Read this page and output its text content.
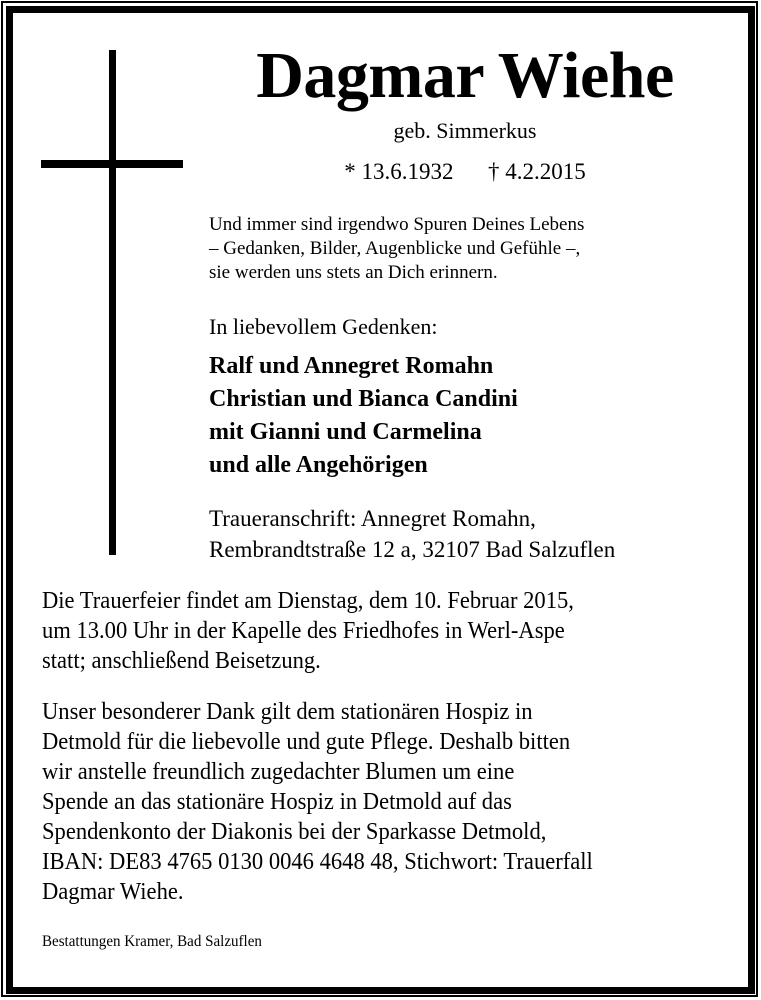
Dagmar Wiehe
geb. Simmerkus
* 13.6.1932 † 4.2.2015
Und immer sind irgendwo Spuren Deines Lebens
– Gedanken, Bilder, Augenblicke und Gefühle –,
sie werden uns stets an Dich erinnern.
In liebevollem Gedenken:
Ralf und Annegret Romahn
Christian und Bianca Candini
mit Gianni und Carmelina
und alle Angehörigen
Traueranschrift: Annegret Romahn,
Rembrandtstraße 12 a, 32107 Bad Salzuflen
Die Trauerfeier findet am Dienstag, dem 10. Februar 2015,
um 13.00 Uhr in der Kapelle des Friedhofes in Werl-Aspe
statt; anschließend Beisetzung.
Unser besonderer Dank gilt dem stationären Hospiz in
Detmold für die liebevolle und gute Pflege. Deshalb bitten
wir anstelle freundlich zugedachter Blumen um eine
Spende an das stationäre Hospiz in Detmold auf das
Spendenkonto der Diakonis bei der Sparkasse Detmold,
IBAN: DE83 4765 0130 0046 4648 48, Stichwort: Trauerfall
Dagmar Wiehe.
Bestattungen Kramer, Bad Salzuflen
